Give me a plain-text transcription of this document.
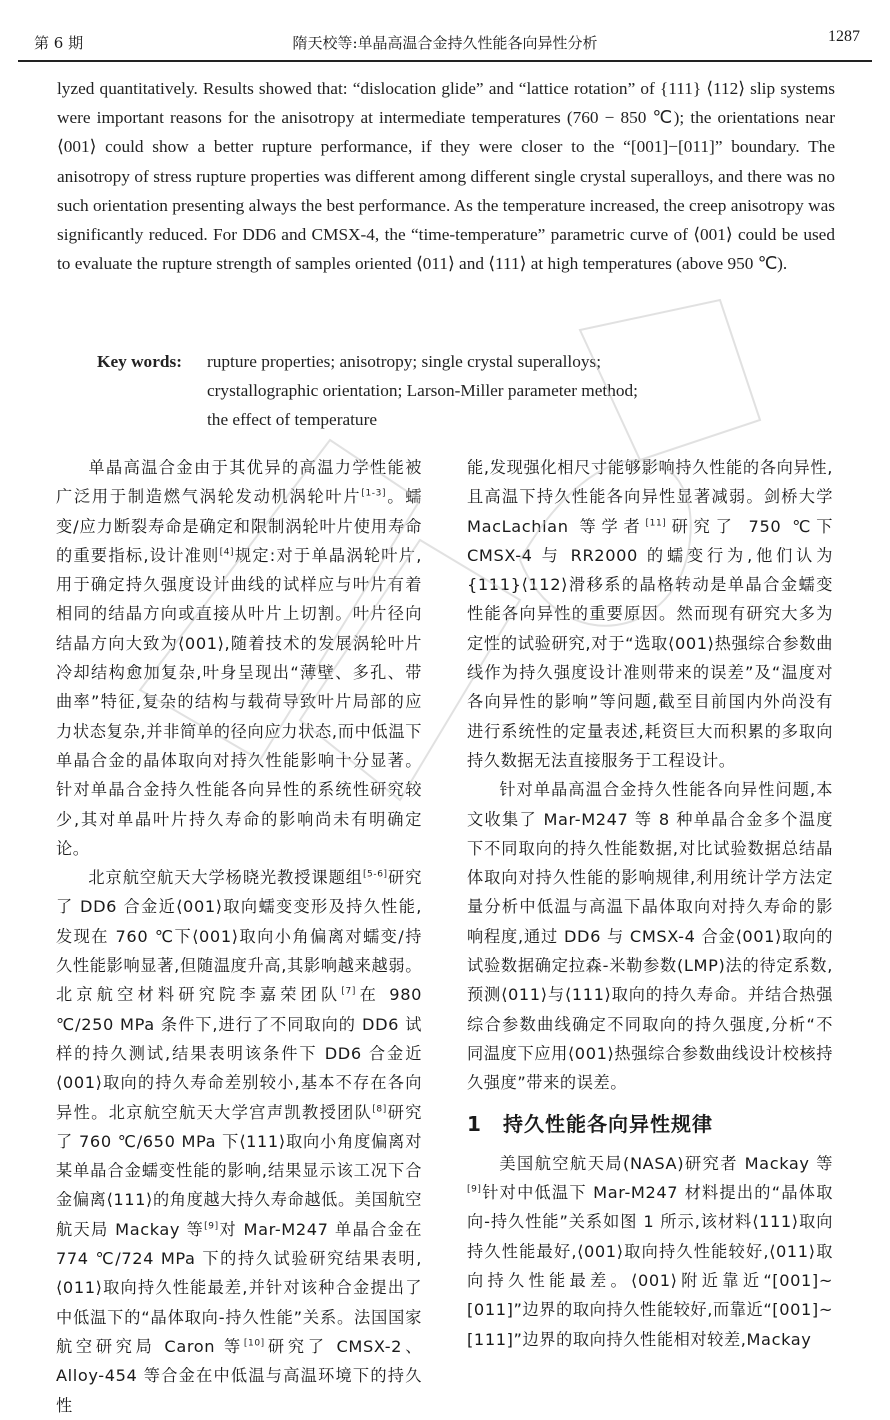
第 6 期	隋天校等:单晶高温合金持久性能各向异性分析	1287
lyzed quantitatively. Results showed that: “dislocation glide” and “lattice rotation” of {111} ⟨112⟩ slip systems were important reasons for the anisotropy at intermediate temperatures (760 − 850 ℃); the orientations near ⟨001⟩ could show a better rupture performance, if they were closer to the “[001]−[011]” boundary. The anisotropy of stress rupture properties was different among different single crystal superalloys, and there was no such orientation presenting always the best performance. As the temperature increased, the creep anisotropy was significantly reduced. For DD6 and CMSX-4, the “time-temperature” parametric curve of ⟨001⟩ could be used to evaluate the rupture strength of samples oriented ⟨011⟩ and ⟨111⟩ at high temperatures (above 950 ℃).
Key words: rupture properties; anisotropy; single crystal superalloys;
crystallographic orientation; Larson-Miller parameter method;
the effect of temperature

单晶高温合金由于其优异的高温力学性能被广泛用于制造燃气涡轮发动机涡轮叶片[1-3]。蠕变/应力断裂寿命是确定和限制涡轮叶片使用寿命的重要指标,设计准则[4]规定:对于单晶涡轮叶片,用于确定持久强度设计曲线的试样应与叶片有着相同的结晶方向或直接从叶片上切割。叶片径向结晶方向大致为⟨001⟩,随着技术的发展涡轮叶片冷却结构愈加复杂,叶身呈现出“薄壁、多孔、带曲率”特征,复杂的结构与载荷导致叶片局部的应力状态复杂,并非简单的径向应力状态,而中低温下单晶合金的晶体取向对持久性能影响十分显著。针对单晶合金持久性能各向异性的系统性研究较少,其对单晶叶片持久寿命的影响尚未有明确定论。

北京航空航天大学杨晓光教授课题组[5-6]研究了 DD6 合金近⟨001⟩取向蠕变变形及持久性能,发现在 760 ℃下⟨001⟩取向小角偏离对蠕变/持久性能影响显著,但随温度升高,其影响越来越弱。北京航空材料研究院李嘉荣团队[7]在 980 ℃/250 MPa 条件下,进行了不同取向的 DD6 试样的持久测试,结果表明该条件下 DD6 合金近⟨001⟩取向的持久寿命差别较小,基本不存在各向异性。北京航空航天大学宫声凯教授团队[8]研究了 760 ℃/650 MPa 下⟨111⟩取向小角度偏离对某单晶合金蠕变性能的影响,结果显示该工况下合金偏离⟨111⟩的角度越大持久寿命越低。美国航空航天局 Mackay 等[9]对 Mar-M247 单晶合金在 774 ℃/724 MPa 下的持久试验研究结果表明,⟨011⟩取向持久性能最差,并针对该种合金提出了中低温下的“晶体取向-持久性能”关系。法国国家航空研究局 Caron 等[10]研究了 CMSX-2、Alloy-454 等合金在中低温与高温环境下的持久性

能,发现强化相尺寸能够影响持久性能的各向异性,且高温下持久性能各向异性显著减弱。剑桥大学 MacLachlan 等学者[11]研究了 750 ℃下 CMSX-4 与 RR2000 的蠕变行为,他们认为{111}⟨112⟩滑移系的晶格转动是单晶合金蠕变性能各向异性的重要原因。然而现有研究大多为定性的试验研究,对于“选取⟨001⟩热强综合参数曲线作为持久强度设计准则带来的误差”及“温度对各向异性的影响”等问题,截至目前国内外尚没有进行系统性的定量表述,耗资巨大而积累的多取向持久数据无法直接服务于工程设计。

针对单晶高温合金持久性能各向异性问题,本文收集了 Mar-M247 等 8 种单晶合金多个温度下不同取向的持久性能数据,对比试验数据总结晶体取向对持久性能的影响规律,利用统计学方法定量分析中低温与高温下晶体取向对持久寿命的影响程度,通过 DD6 与 CMSX-4 合金⟨001⟩取向的试验数据确定拉森-米勒参数(LMP)法的待定系数,预测⟨011⟩与⟨111⟩取向的持久寿命。并结合热强综合参数曲线确定不同取向的持久强度,分析“不同温度下应用⟨001⟩热强综合参数曲线设计校核持久强度”带来的误差。

1 持久性能各向异性规律

美国航空航天局(NASA)研究者 Mackay 等[9]针对中低温下 Mar-M247 材料提出的“晶体取向-持久性能”关系如图 1 所示,该材料⟨111⟩取向持久性能最好,⟨001⟩取向持久性能较好,⟨011⟩取向持久性能最差。⟨001⟩附近靠近“[001]~[011]”边界的取向持久性能较好,而靠近“[001]~[111]”边界的取向持久性能相对较差,Mackay
